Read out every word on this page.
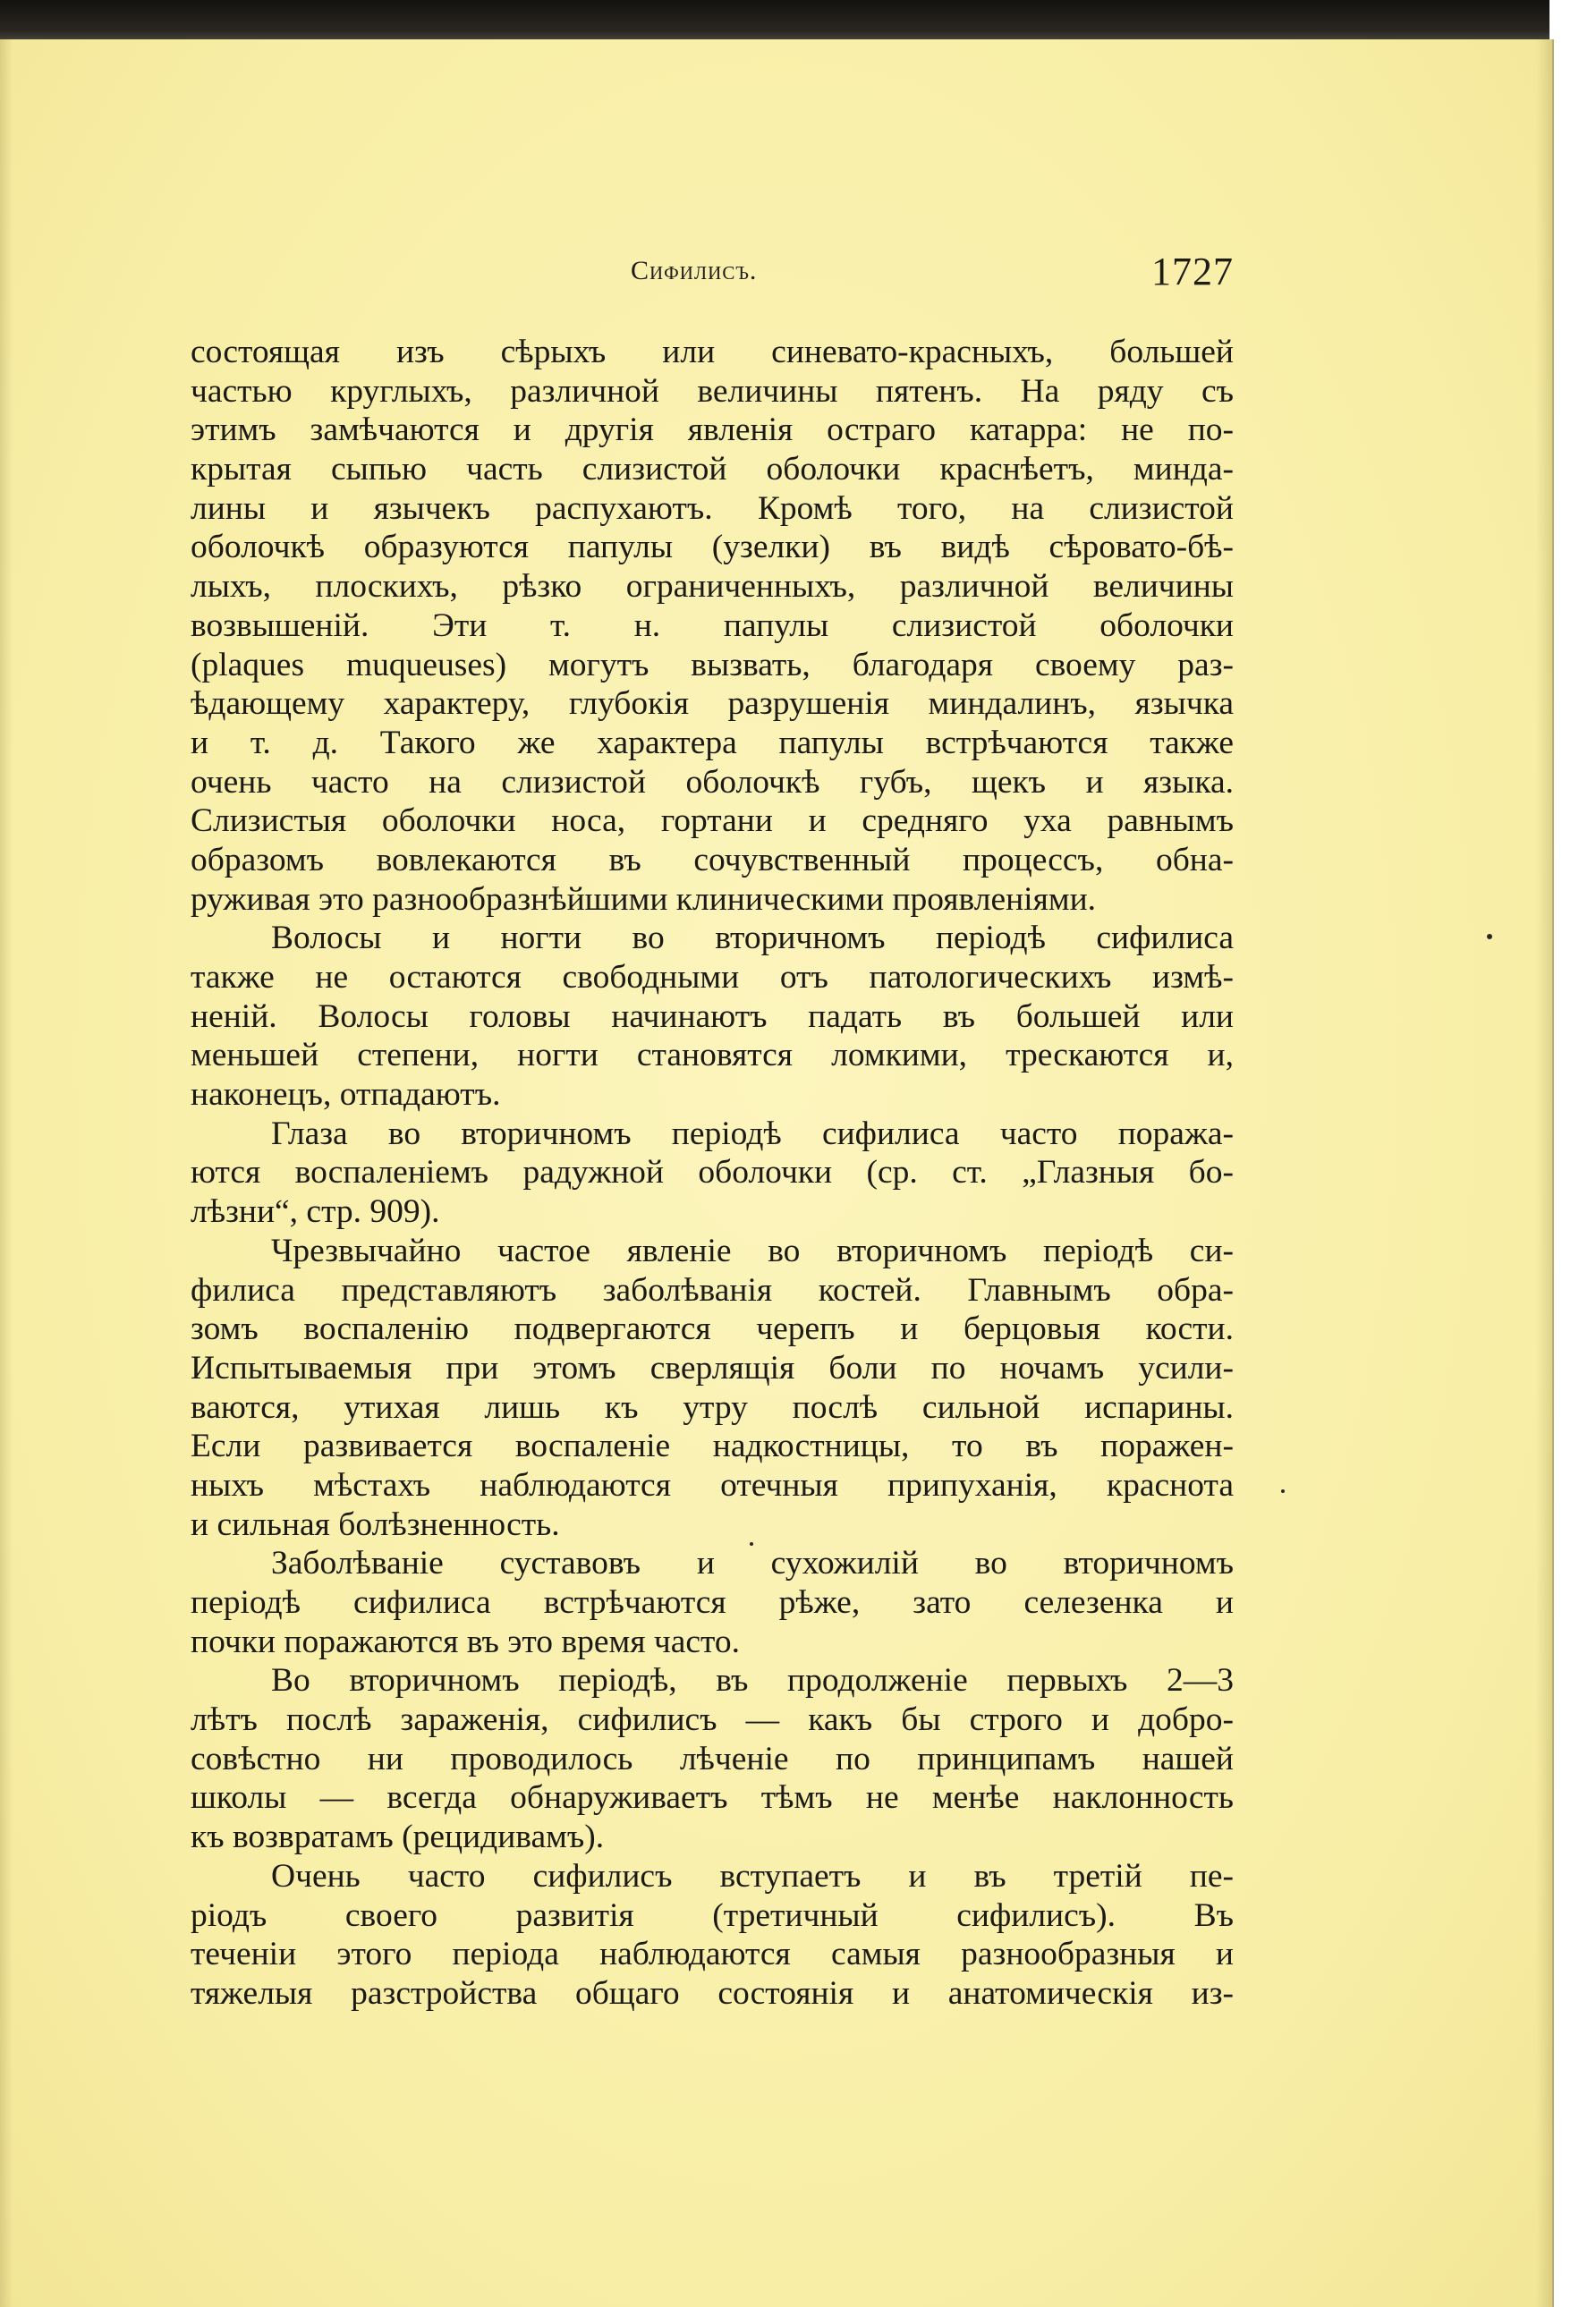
Сифилисъ.	1727
состоящая изъ сѣрыхъ или синевато-красныхъ, большей
частью круглыхъ, различной величины пятенъ. На ряду съ
этимъ замѣчаются и другія явленія остраго катарра: не по-
крытая сыпью часть слизистой оболочки краснѣетъ, минда-
лины и язычекъ распухаютъ. Кромѣ того, на слизистой
оболочкѣ образуются папулы (узелки) въ видѣ сѣровато-бѣ-
лыхъ, плоскихъ, рѣзко ограниченныхъ, различной величины
возвышеній. Эти т. н. папулы слизистой оболочки
(plaques muqueuses) могутъ вызвать, благодаря своему раз-
ѣдающему характеру, глубокія разрушенія миндалинъ, язычка
и т. д. Такого же характера папулы встрѣчаются также
очень часто на слизистой оболочкѣ губъ, щекъ и языка.
Слизистыя оболочки носа, гортани и средняго уха равнымъ
образомъ вовлекаются въ сочувственный процессъ, обна-
руживая это разнообразнѣйшими клиническими проявленіями.
Волосы и ногти во вторичномъ періодѣ сифилиса
также не остаются свободными отъ патологическихъ измѣ-
неній. Волосы головы начинаютъ падать въ большей или
меньшей степени, ногти становятся ломкими, трескаются и,
наконецъ, отпадаютъ.
Глаза во вторичномъ періодѣ сифилиса часто поража-
ются воспаленіемъ радужной оболочки (ср. ст. „Глазныя бо-
лѣзни“, стр. 909).
Чрезвычайно частое явленіе во вторичномъ періодѣ си-
филиса представляютъ заболѣванія костей. Главнымъ обра-
зомъ воспаленію подвергаются черепъ и берцовыя кости.
Испытываемыя при этомъ сверлящія боли по ночамъ усили-
ваются, утихая лишь къ утру послѣ сильной испарины.
Если развивается воспаленіе надкостницы, то въ поражен-
ныхъ мѣстахъ наблюдаются отечныя припуханія, краснота
и сильная болѣзненность.
Заболѣваніе суставовъ и сухожилій во вторичномъ
періодѣ сифилиса встрѣчаются рѣже, зато селезенка и
почки поражаются въ это время часто.
Во вторичномъ періодѣ, въ продолженіе первыхъ 2—3
лѣтъ послѣ зараженія, сифилисъ — какъ бы строго и добро-
совѣстно ни проводилось лѣченіе по принципамъ нашей
школы — всегда обнаруживаетъ тѣмъ не менѣе наклонность
къ возвратамъ (рецидивамъ).
Очень часто сифилисъ вступаетъ и въ третій пе-
ріодъ своего развитія (третичный сифилисъ). Въ
теченіи этого періода наблюдаются самыя разнообразныя и
тяжелыя разстройства общаго состоянія и анатомическія из-
